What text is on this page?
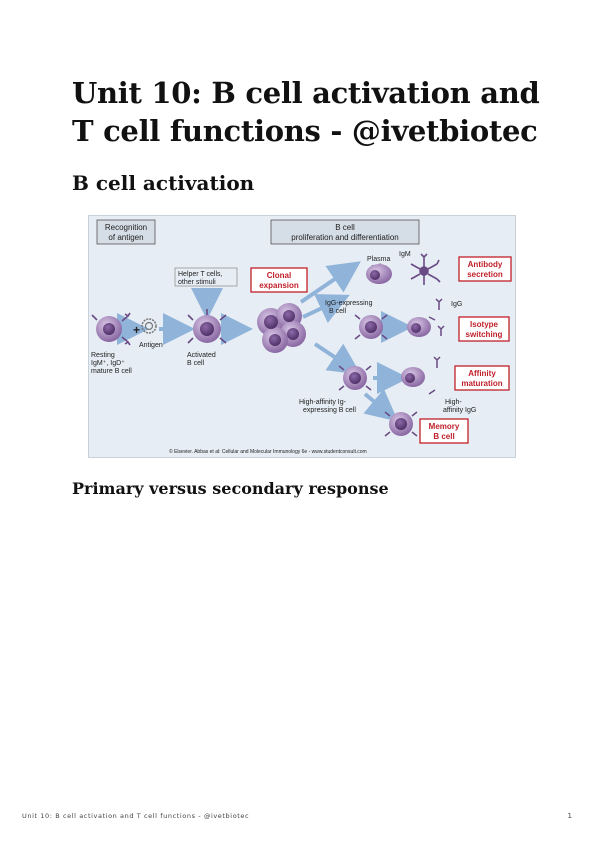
Unit 10: B cell activation and T cell functions - @ivetbiotec
B cell activation
Recognition
of antigen
B cell
proliferation and differentiation
+
Antigen
Resting
IgM⁺, IgD⁺
mature B cell
Helper T cells,
other stimuli
Activated
B cell
Clonal
expansion
Plasma
IgM
Antibody
secretion
IgG-expressing
B cell
IgG
Isotype
switching
Affinity
maturation
High-affinity Ig-
expressing B cell
High-
affinity IgG
Memory
B cell
© Elsevier. Abbas et al: Cellular and Molecular Immunology 6e - www.studentconsult.com
Primary versus secondary response
Unit 10: B cell activation and T cell functions - @ivetbiotec	1
